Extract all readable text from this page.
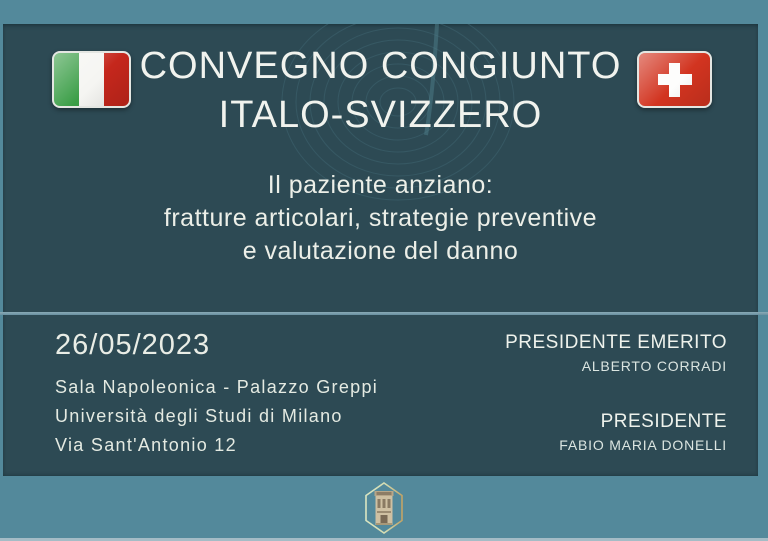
CONVEGNO CONGIUNTO
ITALO-SVIZZERO
Il paziente anziano:
fratture articolari, strategie preventive
e valutazione del danno
26/05/2023
Sala Napoleonica - Palazzo Greppi
Università degli Studi di Milano
Via Sant'Antonio 12
PRESIDENTE EMERITO
ALBERTO CORRADI
PRESIDENTE
FABIO MARIA DONELLI
